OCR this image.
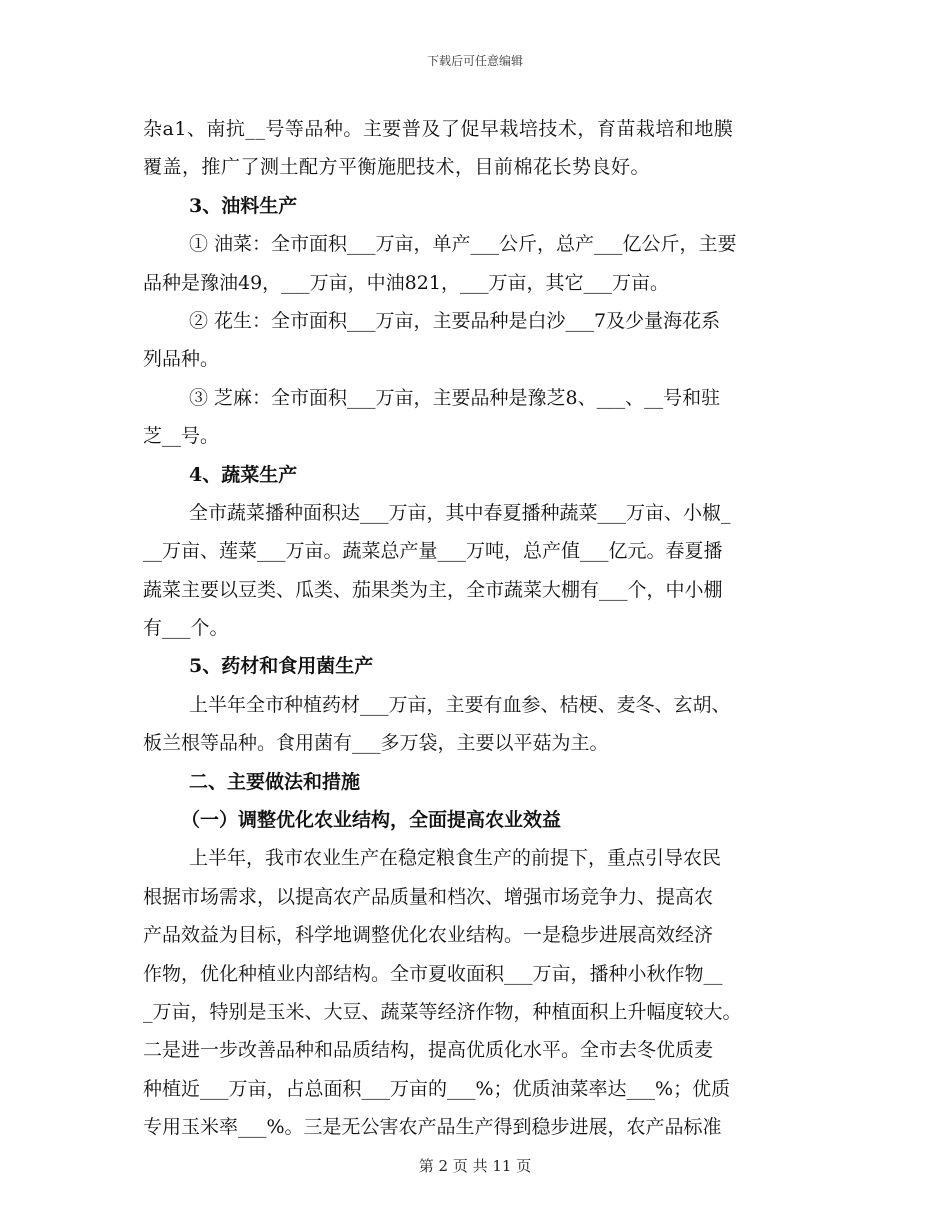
下载后可任意编辑
杂a1、南抗__号等品种。主要普及了促早栽培技术，育苗栽培和地膜
覆盖，推广了测土配方平衡施肥技术，目前棉花长势良好。
3、油料生产
① 油菜：全市面积___万亩，单产___公斤，总产___亿公斤，主要
品种是豫油49，___万亩，中油821，___万亩，其它___万亩。
② 花生：全市面积___万亩，主要品种是白沙___7及少量海花系
列品种。
③ 芝麻：全市面积___万亩，主要品种是豫芝8、___、__号和驻
芝__号。
4、蔬菜生产
全市蔬菜播种面积达___万亩，其中春夏播种蔬菜___万亩、小椒_
__万亩、莲菜___万亩。蔬菜总产量___万吨，总产值___亿元。春夏播
蔬菜主要以豆类、瓜类、茄果类为主，全市蔬菜大棚有___个，中小棚
有___个。
5、药材和食用菌生产
上半年全市种植药材___万亩，主要有血参、桔梗、麦冬、玄胡、
板兰根等品种。食用菌有___多万袋，主要以平菇为主。
二、主要做法和措施
（一）调整优化农业结构，全面提高农业效益
上半年，我市农业生产在稳定粮食生产的前提下，重点引导农民
根据市场需求，以提高农产品质量和档次、增强市场竞争力、提高农
产品效益为目标，科学地调整优化农业结构。一是稳步进展高效经济
作物，优化种植业内部结构。全市夏收面积___万亩，播种小秋作物__
_万亩，特别是玉米、大豆、蔬菜等经济作物，种植面积上升幅度较大。
二是进一步改善品种和品质结构，提高优质化水平。全市去冬优质麦
种植近___万亩，占总面积___万亩的___%；优质油菜率达___%；优质
专用玉米率___%。三是无公害农产品生产得到稳步进展，农产品标准
第 2 页 共 11 页
